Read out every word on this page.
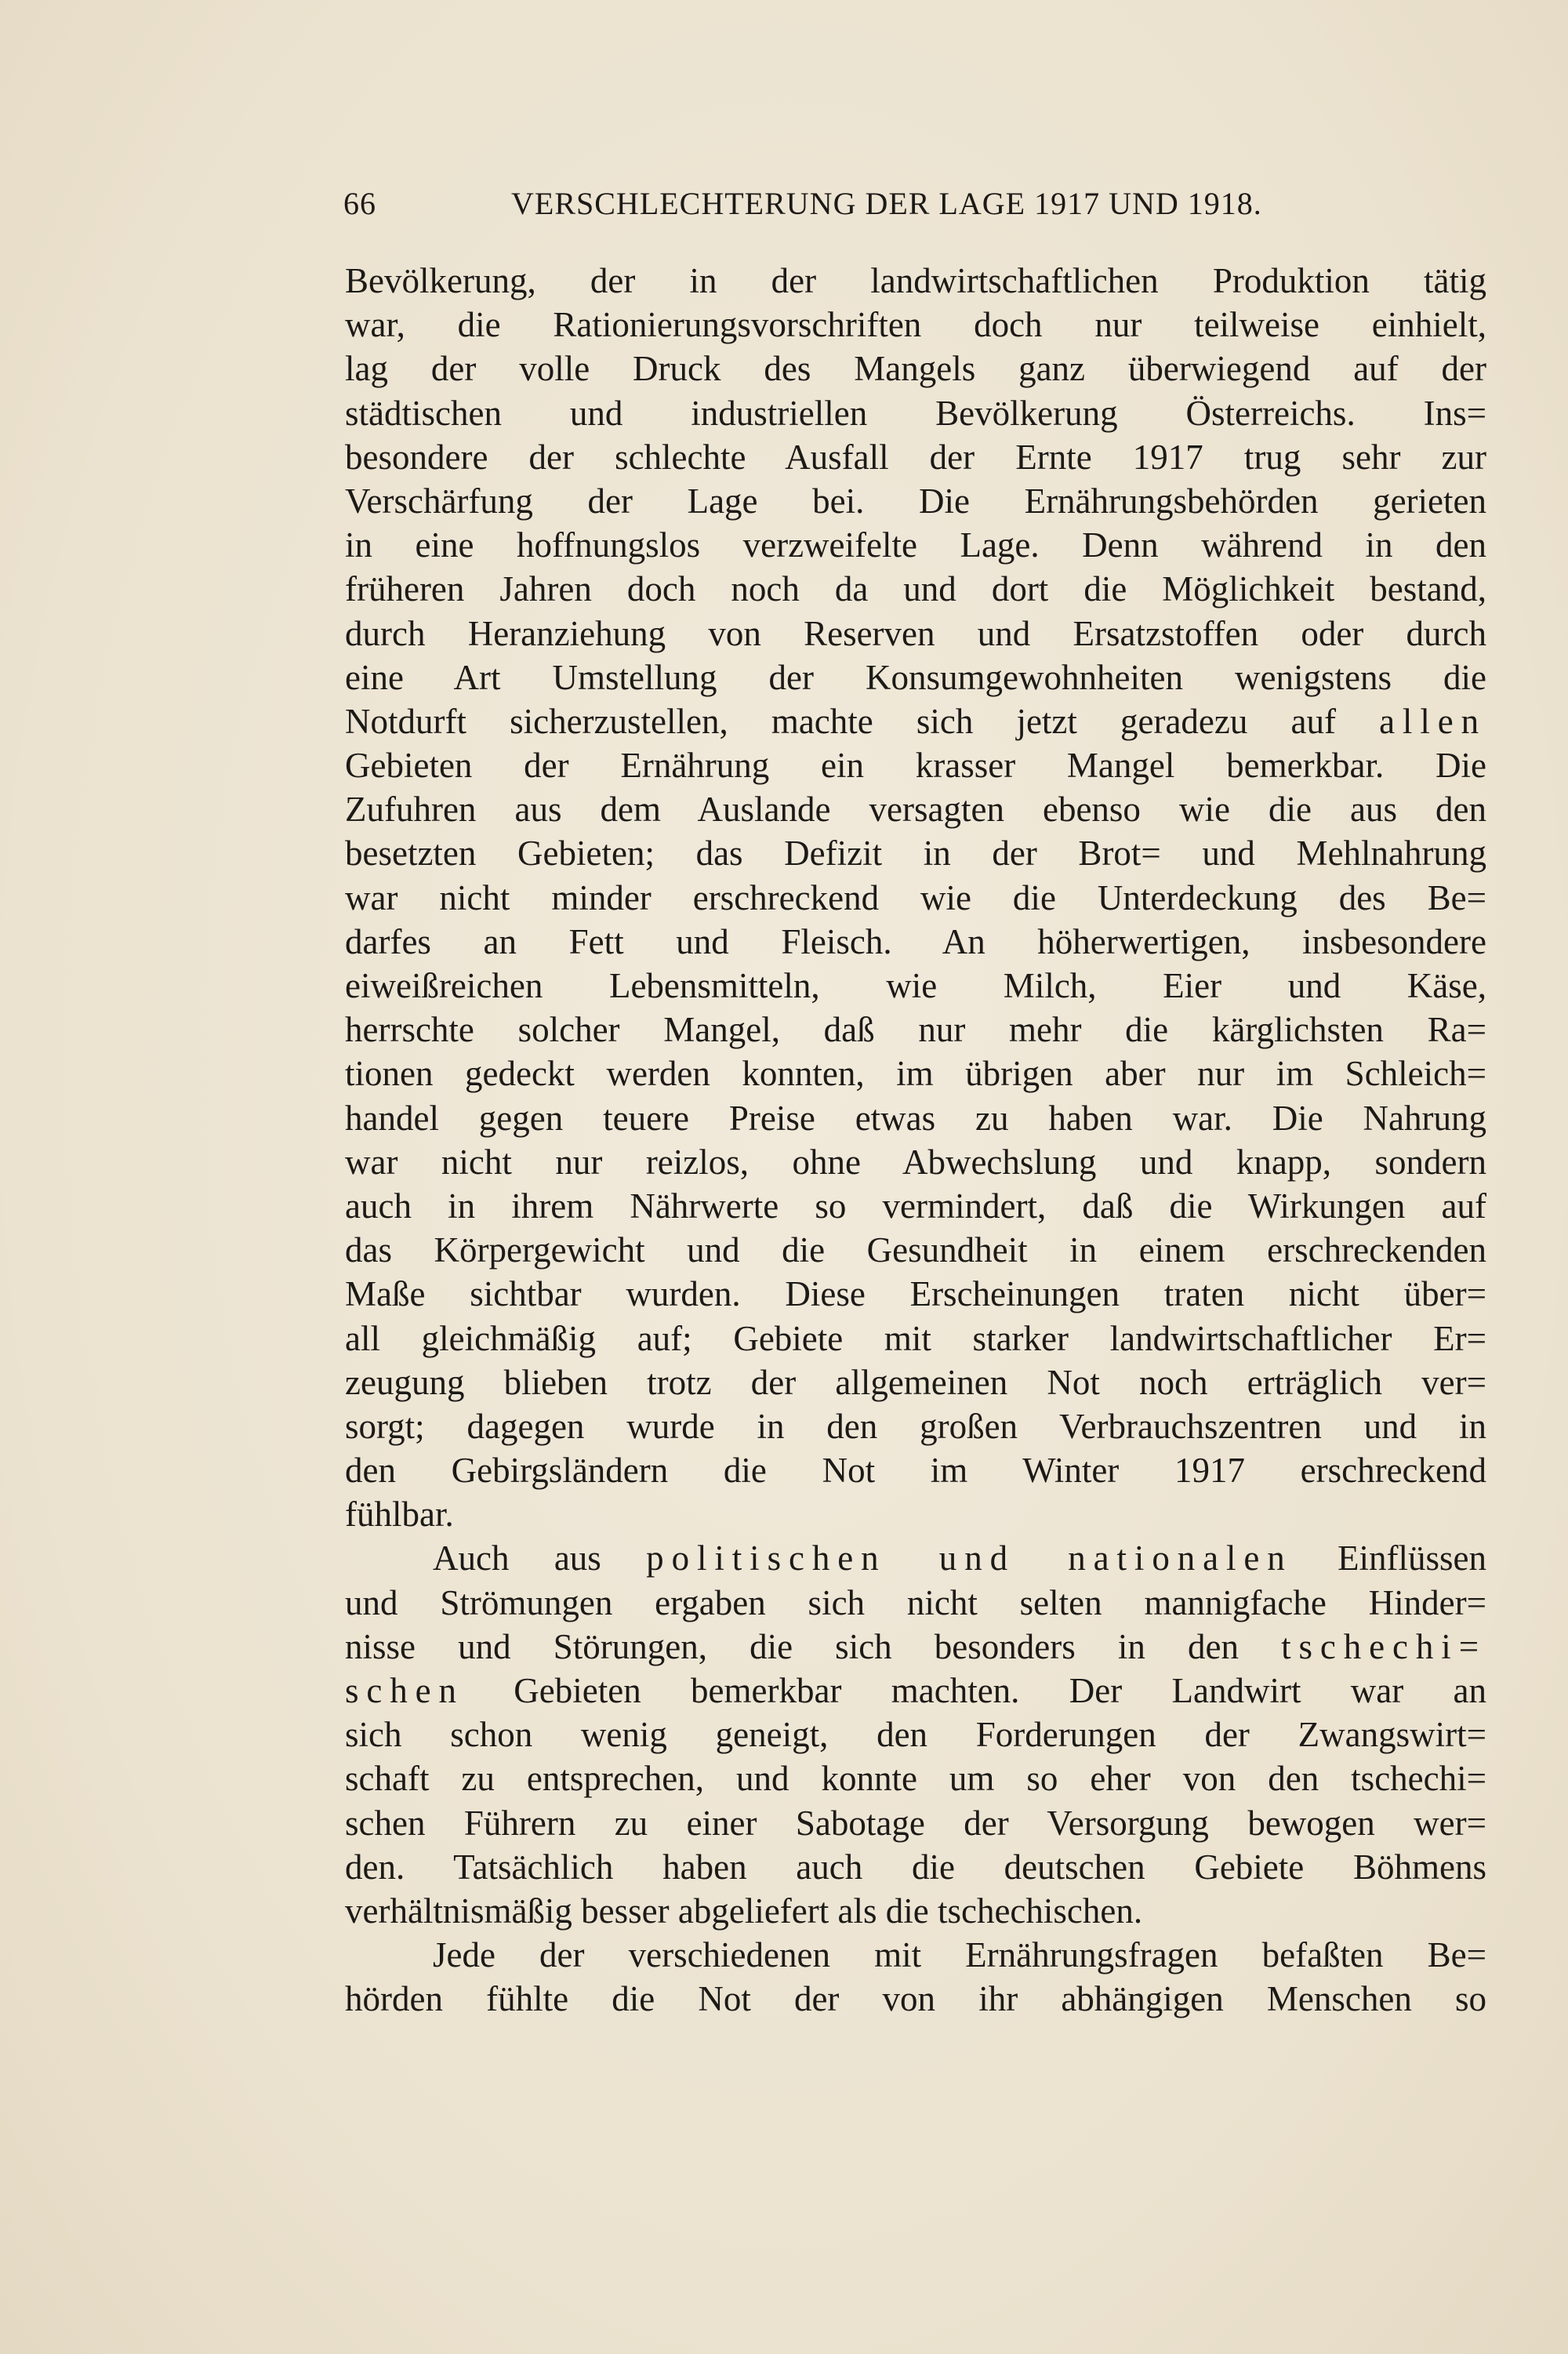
66	VERSCHLECHTERUNG DER LAGE 1917 UND 1918.
Bevölkerung, der in der landwirtschaftlichen Produktion tätig
war, die Rationierungsvorschriften doch nur teilweise einhielt,
lag der volle Druck des Mangels ganz überwiegend auf der
städtischen und industriellen Bevölkerung Österreichs. Ins=
besondere der schlechte Ausfall der Ernte 1917 trug sehr zur
Verschärfung der Lage bei. Die Ernährungsbehörden gerieten
in eine hoffnungslos verzweifelte Lage. Denn während in den
früheren Jahren doch noch da und dort die Möglichkeit bestand,
durch Heranziehung von Reserven und Ersatzstoffen oder durch
eine Art Umstellung der Konsumgewohnheiten wenigstens die
Notdurft sicherzustellen, machte sich jetzt geradezu auf allen
Gebieten der Ernährung ein krasser Mangel bemerkbar. Die
Zufuhren aus dem Auslande versagten ebenso wie die aus den
besetzten Gebieten; das Defizit in der Brot= und Mehlnahrung
war nicht minder erschreckend wie die Unterdeckung des Be=
darfes an Fett und Fleisch. An höherwertigen, insbesondere
eiweißreichen Lebensmitteln, wie Milch, Eier und Käse,
herrschte solcher Mangel, daß nur mehr die kärglichsten Ra=
tionen gedeckt werden konnten, im übrigen aber nur im Schleich=
handel gegen teuere Preise etwas zu haben war. Die Nahrung
war nicht nur reizlos, ohne Abwechslung und knapp, sondern
auch in ihrem Nährwerte so vermindert, daß die Wirkungen auf
das Körpergewicht und die Gesundheit in einem erschreckenden
Maße sichtbar wurden. Diese Erscheinungen traten nicht über=
all gleichmäßig auf; Gebiete mit starker landwirtschaftlicher Er=
zeugung blieben trotz der allgemeinen Not noch erträglich ver=
sorgt; dagegen wurde in den großen Verbrauchszentren und in
den Gebirgsländern die Not im Winter 1917 erschreckend
fühlbar.
Auch aus politischen und nationalen Einflüssen
und Strömungen ergaben sich nicht selten mannigfache Hinder=
nisse und Störungen, die sich besonders in den tschechi=
schen Gebieten bemerkbar machten. Der Landwirt war an
sich schon wenig geneigt, den Forderungen der Zwangswirt=
schaft zu entsprechen, und konnte um so eher von den tschechi=
schen Führern zu einer Sabotage der Versorgung bewogen wer=
den. Tatsächlich haben auch die deutschen Gebiete Böhmens
verhältnismäßig besser abgeliefert als die tschechischen.
Jede der verschiedenen mit Ernährungsfragen befaßten Be=
hörden fühlte die Not der von ihr abhängigen Menschen so
